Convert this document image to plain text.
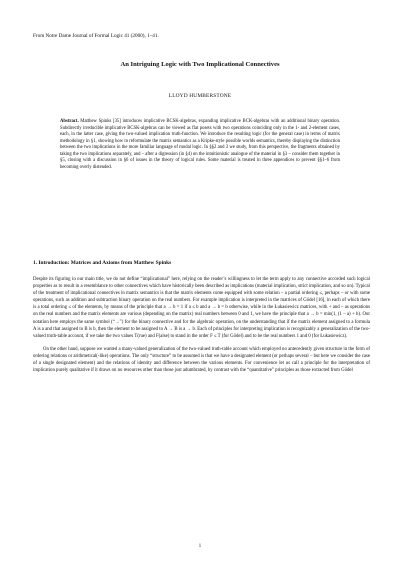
From Notre Dame Journal of Formal Logic 41 (2000), 1–41.
An Intriguing Logic with Two Implicational Connectives
LLOYD HUMBERSTONE
Abstract. Matthew Spinks [35] introduces implicative BCSK-algebras, expanding implicative BCK-algebras with an additional binary operation. Subdirectly irreducible implicative BCSK-algebras can be viewed as flat posets with two operations coinciding only in the 1- and 2-element cases, each, in the latter case, giving the two-valued implication truth-function. We introduce the resulting logic (for the general case) in terms of matrix methodology in §1, showing how to reformulate the matrix semantics as a Kripke-style possible worlds semantics, thereby displaying the distinction between the two implications in the more familiar language of modal logic. In §§2 and 3 we study, from this perspective, the fragments obtained by taking the two implications separately, and – after a digression (in §4) on the intuitionistic analogue of the material in §3 – consider them together in §5, closing with a discussion in §6 of issues in the theory of logical rules. Some material is treated in three appendices to prevent §§1–6 from becoming overly distended.
1. Introduction: Matrices and Axioms from Matthew Spinks

Despite its figuring in our main title, we do not define “implicational” here, relying on the reader’s willingness to let the term apply to any connective accorded such logical properties as to result in a resemblance to other connectives which have historically been described as implications (material implication, strict implication, and so on). Typical of the treatment of implicational connectives in matrix semantics is that the matrix elements come equipped with some relation – a partial ordering ≤, perhaps – or with some operations, such as addition and subtraction binary operation on the real numbers. For example implication is interpreted in the matrices of Gödel [16], in each of which there is a total ordering ≤ of the elements, by means of the principle that a → b = 1 if a ≤ b and a → b = b otherwise, while in the Łukasiewicz matrices, with + and – as operations on the real numbers and the matrix elements are various (depending on the matrix) real numbers between 0 and 1, we have the principle that a → b = min(1, (1 – a) + b). Our notation here employs the same symbol (“→”) for the binary connective and for the algebraic operation, on the understanding that if the matrix element assigned to a formula A is a and that assigned to B is b, then the element to be assigned to A → B is a → b. Each of principles for interpreting implication is recognizably a generalization of the two-valued truth-table account, if we take the two values T(rue) and F(alse) to stand in the order F ≤ T (for Gödel) and to be the real numbers 1 and 0 (for Łukasiewicz).

On the other hand, suppose we wanted a many-valued generalization of the two-valued truth-table account which employed no antecedently given structure in the form of ordering relations or arithmetical(-like) operations. The only “structure” to be assumed is that we have a designated element (or perhaps several – but here we consider the case of a single designated element) and the relations of identity and difference between the various elements. For convenience let us call a principle for the interpretation of implication purely qualitative if it draws on no resources other than those just adumbrated, by contrast with the “quantitative” principles as those extracted from Gödel

1
